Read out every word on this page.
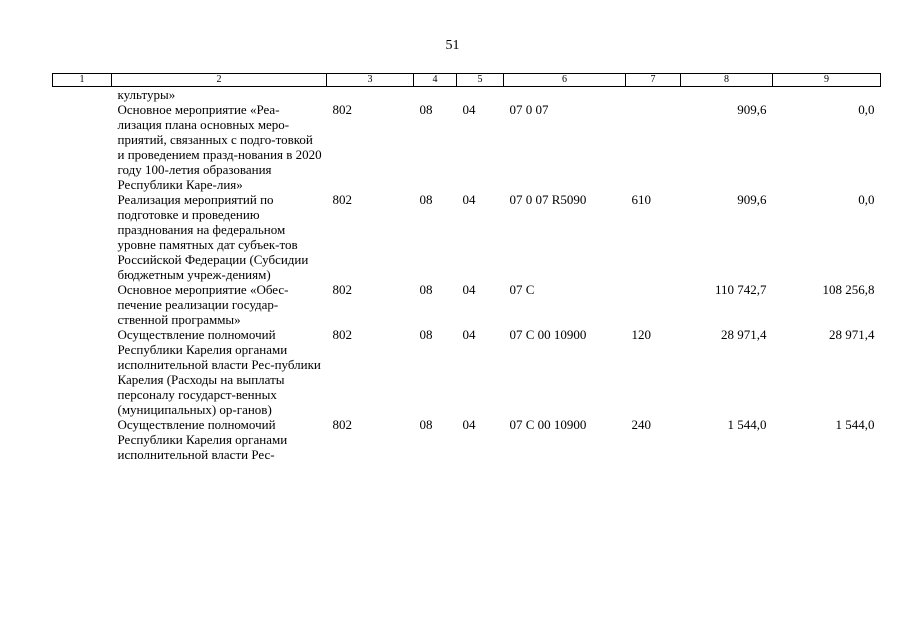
51
1	2	3	4	5	6	7	8	9
	культуры»							
	Основное мероприятие «Реа-лизация плана основных меро-приятий, связанных с подго-товкой и проведением празд-нования в 2020 году 100-летия образования Республики Каре-лия»	802	08	04	07 0 07		909,6	0,0
	Реализация мероприятий по подготовке и проведению празднования на федеральном уровне памятных дат субъек-тов Российской Федерации (Субсидии бюджетным учреж-дениям)	802	08	04	07 0 07 R5090	610	909,6	0,0
	Основное мероприятие «Обес-печение реализации государ-ственной программы»	802	08	04	07 С		110 742,7	108 256,8
	Осуществление полномочий Республики Карелия органами исполнительной власти Рес-публики Карелия (Расходы на выплаты персоналу государст-венных (муниципальных) ор-ганов)	802	08	04	07 С 00 10900	120	28 971,4	28 971,4
	Осуществление полномочий Республики Карелия органами исполнительной власти Рес-	802	08	04	07 С 00 10900	240	1 544,0	1 544,0
